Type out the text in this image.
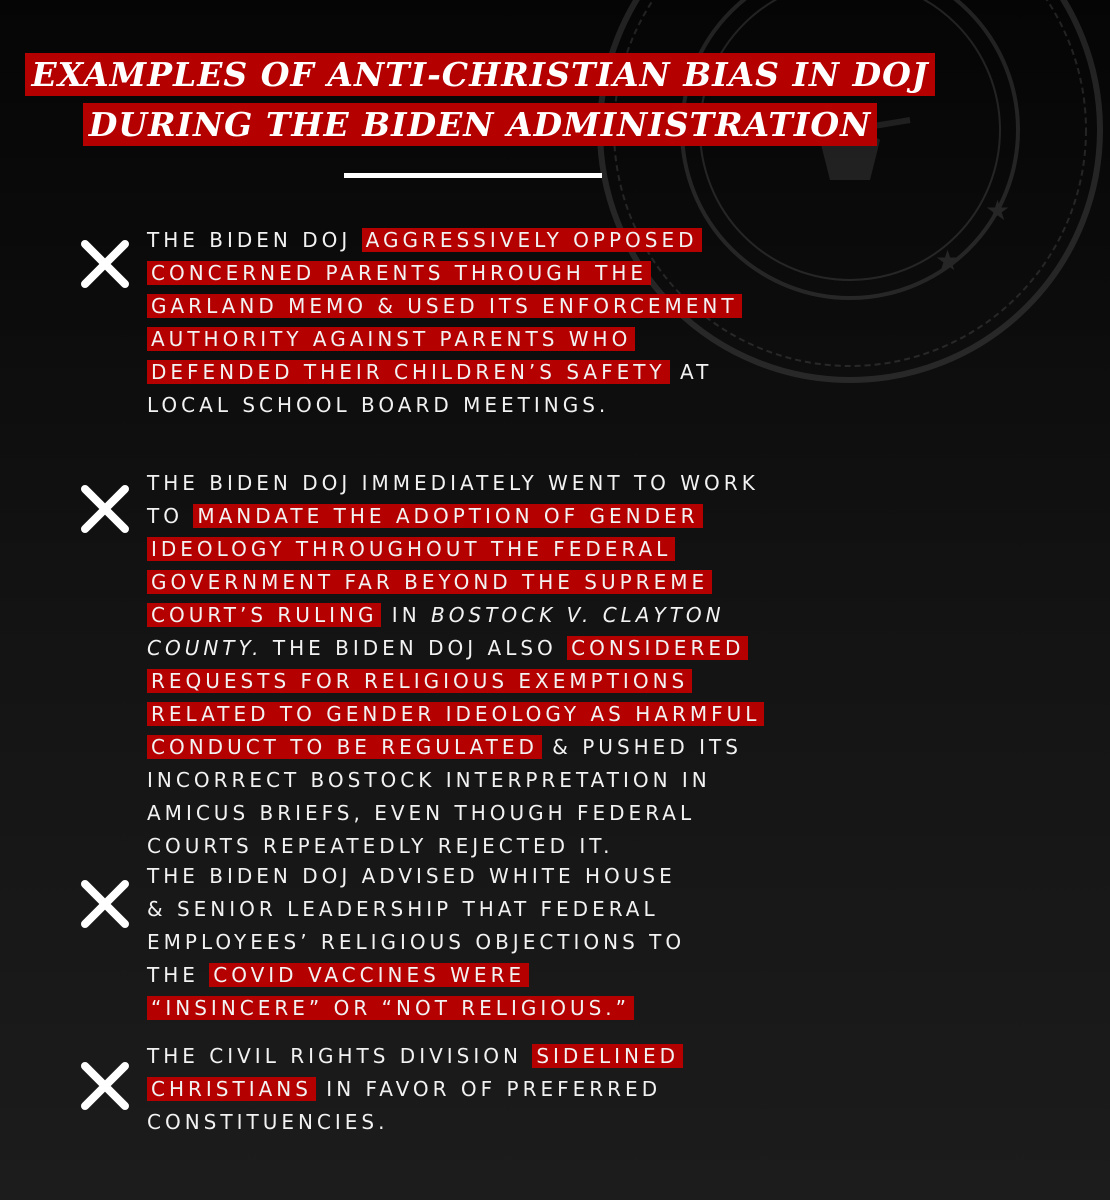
★
★
EXAMPLES OF ANTI-CHRISTIAN BIAS IN DOJ
DURING THE BIDEN ADMINISTRATION
THE BIDEN DOJ AGGRESSIVELY OPPOSED
CONCERNED PARENTS THROUGH THE
GARLAND MEMO & USED ITS ENFORCEMENT
AUTHORITY AGAINST PARENTS WHO
DEFENDED THEIR CHILDREN’S SAFETY AT
LOCAL SCHOOL BOARD MEETINGS.
THE BIDEN DOJ IMMEDIATELY WENT TO WORK
TO MANDATE THE ADOPTION OF GENDER
IDEOLOGY THROUGHOUT THE FEDERAL
GOVERNMENT FAR BEYOND THE SUPREME
COURT’S RULING IN BOSTOCK V. CLAYTON
COUNTY. THE BIDEN DOJ ALSO CONSIDERED
REQUESTS FOR RELIGIOUS EXEMPTIONS
RELATED TO GENDER IDEOLOGY AS HARMFUL
CONDUCT TO BE REGULATED & PUSHED ITS
INCORRECT BOSTOCK INTERPRETATION IN
AMICUS BRIEFS, EVEN THOUGH FEDERAL
COURTS REPEATEDLY REJECTED IT.
THE BIDEN DOJ ADVISED WHITE HOUSE
& SENIOR LEADERSHIP THAT FEDERAL
EMPLOYEES’ RELIGIOUS OBJECTIONS TO
THE COVID VACCINES WERE
“INSINCERE” OR “NOT RELIGIOUS.”
THE CIVIL RIGHTS DIVISION SIDELINED
CHRISTIANS IN FAVOR OF PREFERRED
CONSTITUENCIES.
